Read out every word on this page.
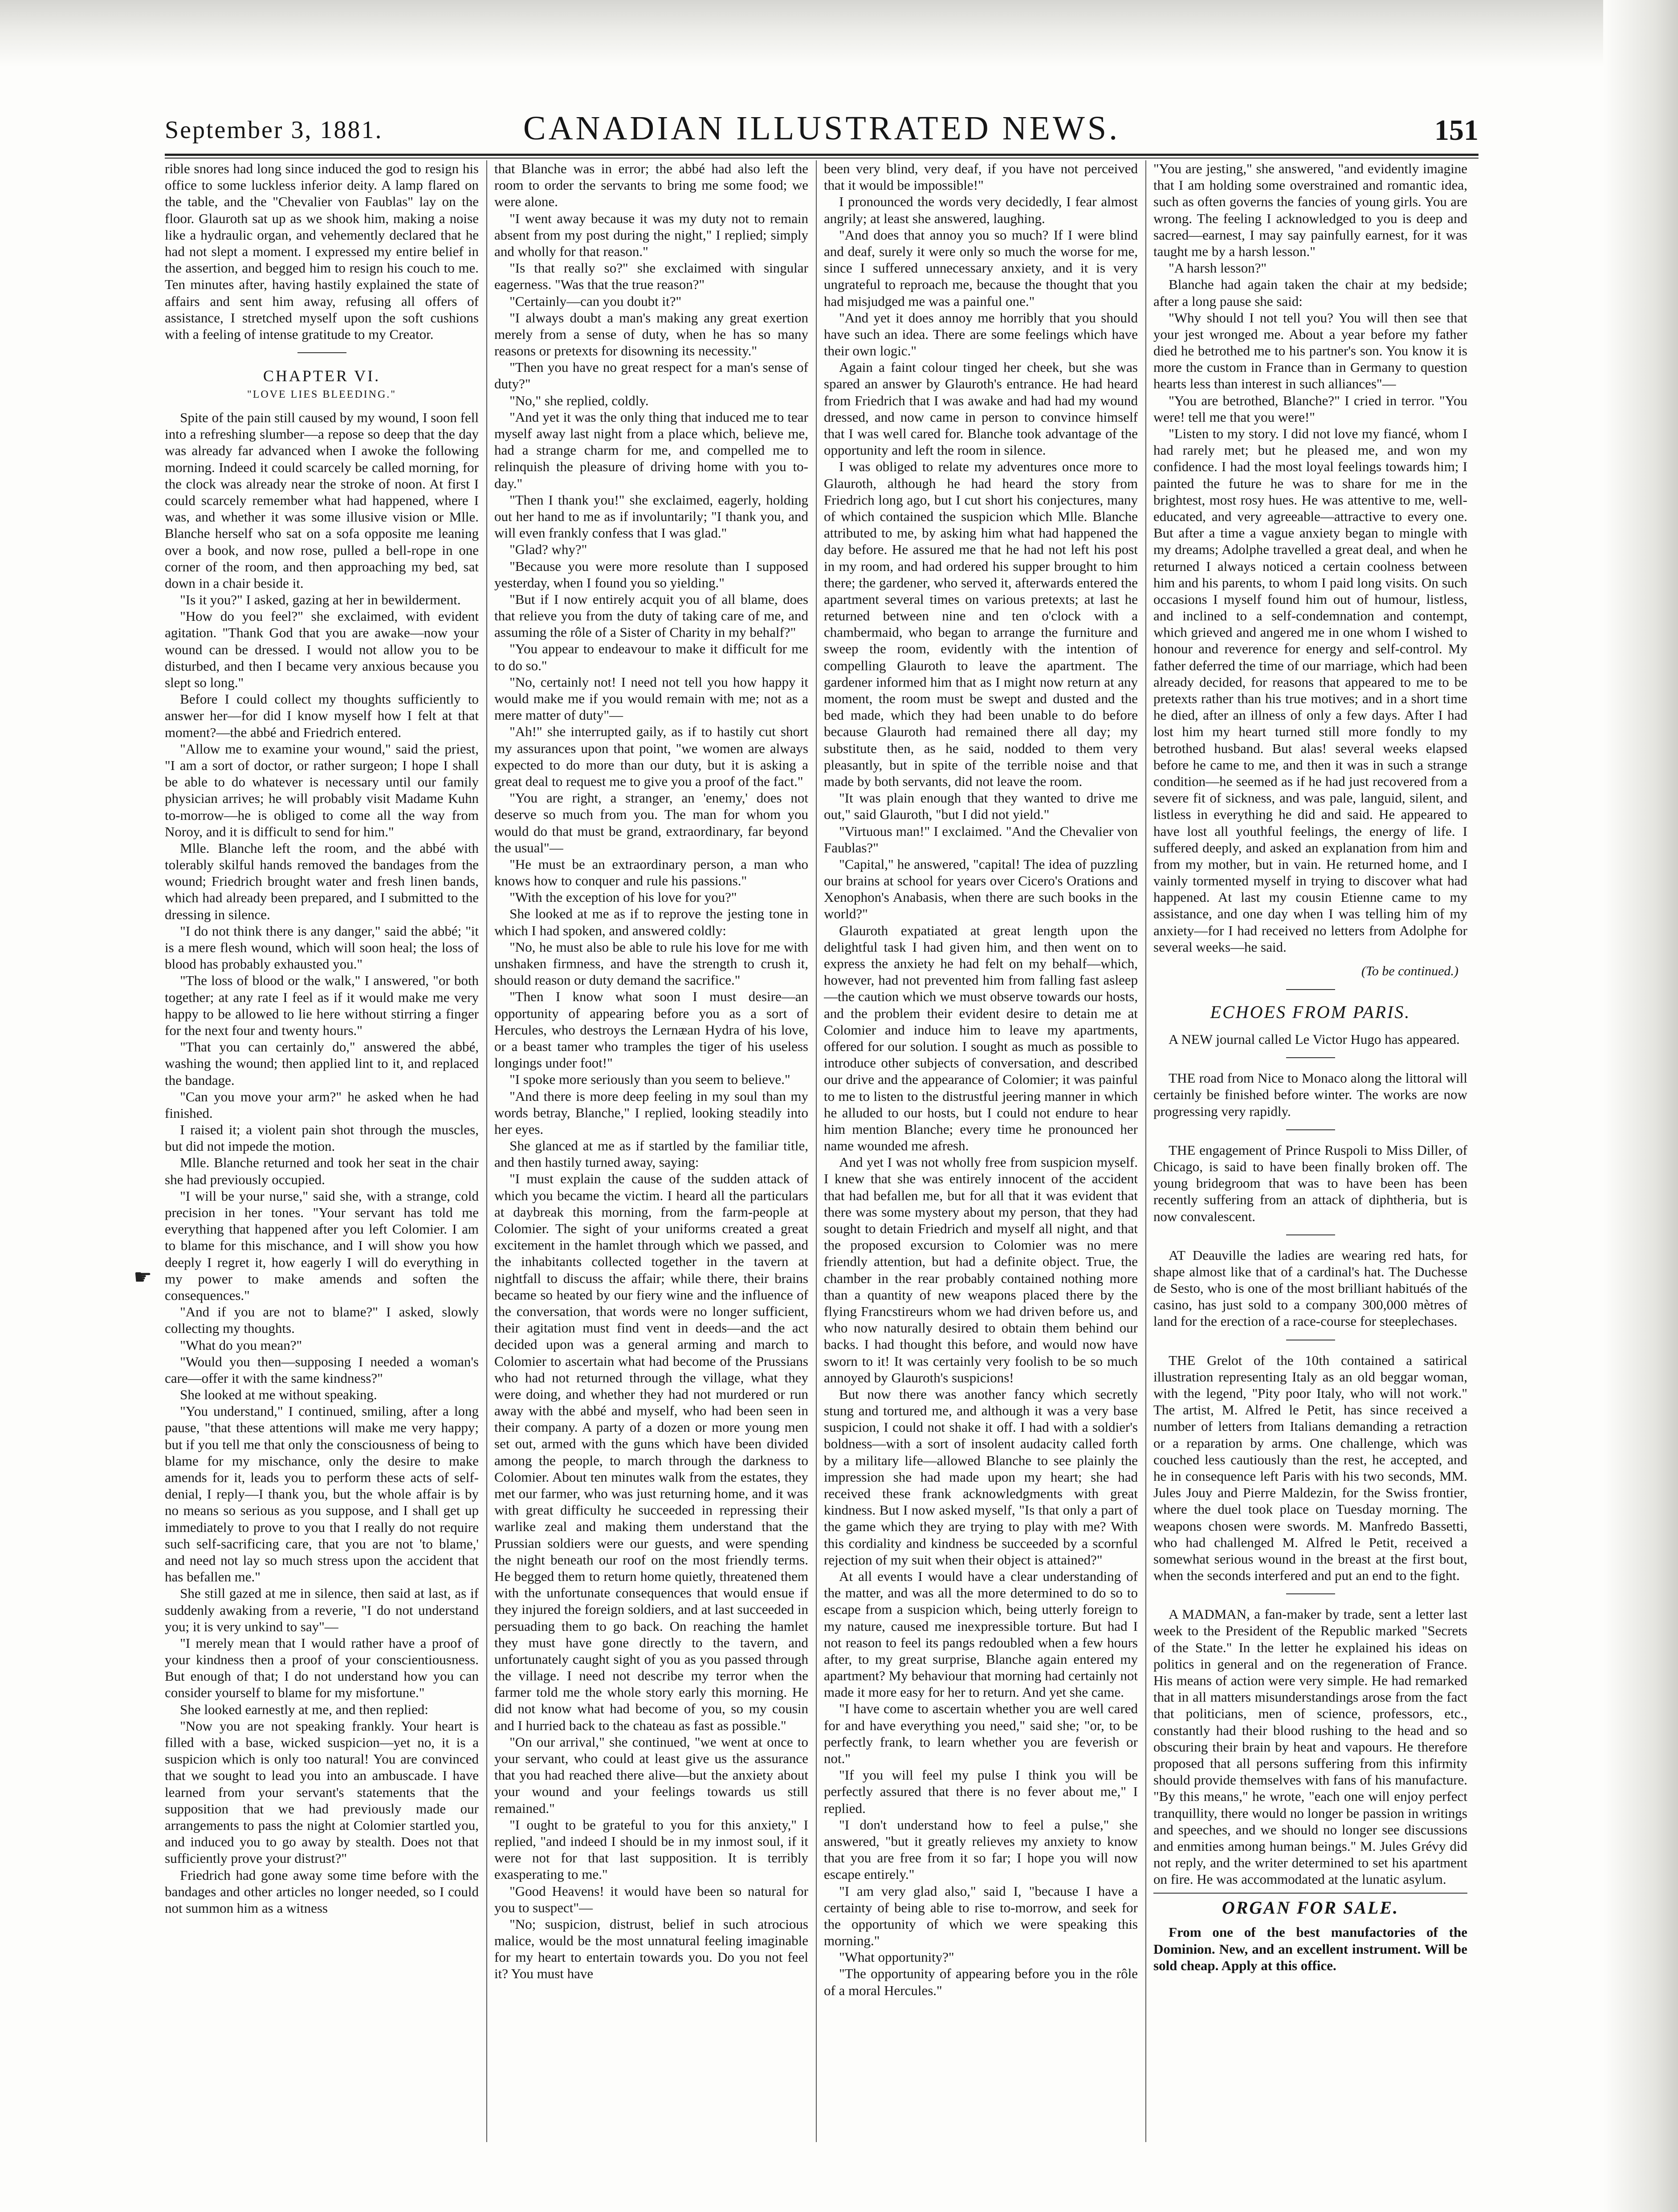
September 3, 1881.	CANADIAN ILLUSTRATED NEWS.	151
☛

rible snores had long since induced the god to resign his office to some luckless inferior deity. A lamp flared on the table, and the "Chevalier von Faublas" lay on the floor. Glauroth sat up as we shook him, making a noise like a hydraulic organ, and vehemently declared that he had not slept a moment. I expressed my entire belief in the assertion, and begged him to resign his couch to me. Ten minutes after, having hastily explained the state of affairs and sent him away, refusing all offers of assistance, I stretched myself upon the soft cushions with a feeling of intense gratitude to my Creator.

CHAPTER VI.
"LOVE LIES BLEEDING."

Spite of the pain still caused by my wound, I soon fell into a refreshing slumber—a repose so deep that the day was already far advanced when I awoke the following morning. Indeed it could scarcely be called morning, for the clock was already near the stroke of noon. At first I could scarcely remember what had happened, where I was, and whether it was some illusive vision or Mlle. Blanche herself who sat on a sofa opposite me leaning over a book, and now rose, pulled a bell-rope in one corner of the room, and then approaching my bed, sat down in a chair beside it.

"Is it you?" I asked, gazing at her in bewilderment.

"How do you feel?" she exclaimed, with evident agitation. "Thank God that you are awake—now your wound can be dressed. I would not allow you to be disturbed, and then I became very anxious because you slept so long."

Before I could collect my thoughts sufficiently to answer her—for did I know myself how I felt at that moment?—the abbé and Friedrich entered.

"Allow me to examine your wound," said the priest, "I am a sort of doctor, or rather surgeon; I hope I shall be able to do whatever is necessary until our family physician arrives; he will probably visit Madame Kuhn to-morrow—he is obliged to come all the way from Noroy, and it is difficult to send for him."

Mlle. Blanche left the room, and the abbé with tolerably skilful hands removed the bandages from the wound; Friedrich brought water and fresh linen bands, which had already been prepared, and I submitted to the dressing in silence.

"I do not think there is any danger," said the abbé; "it is a mere flesh wound, which will soon heal; the loss of blood has probably exhausted you."

"The loss of blood or the walk," I answered, "or both together; at any rate I feel as if it would make me very happy to be allowed to lie here without stirring a finger for the next four and twenty hours."

"That you can certainly do," answered the abbé, washing the wound; then applied lint to it, and replaced the bandage.

"Can you move your arm?" he asked when he had finished.

I raised it; a violent pain shot through the muscles, but did not impede the motion.

Mlle. Blanche returned and took her seat in the chair she had previously occupied.

"I will be your nurse," said she, with a strange, cold precision in her tones. "Your servant has told me everything that happened after you left Colomier. I am to blame for this mischance, and I will show you how deeply I regret it, how eagerly I will do everything in my power to make amends and soften the consequences."

"And if you are not to blame?" I asked, slowly collecting my thoughts.

"What do you mean?"

"Would you then—supposing I needed a woman's care—offer it with the same kindness?"

She looked at me without speaking.

"You understand," I continued, smiling, after a long pause, "that these attentions will make me very happy; but if you tell me that only the consciousness of being to blame for my mischance, only the desire to make amends for it, leads you to perform these acts of self-denial, I reply—I thank you, but the whole affair is by no means so serious as you suppose, and I shall get up immediately to prove to you that I really do not require such self-sacrificing care, that you are not 'to blame,' and need not lay so much stress upon the accident that has befallen me."

She still gazed at me in silence, then said at last, as if suddenly awaking from a reverie, "I do not understand you; it is very unkind to say"—

"I merely mean that I would rather have a proof of your kindness then a proof of your conscientiousness. But enough of that; I do not understand how you can consider yourself to blame for my misfortune."

She looked earnestly at me, and then replied:

"Now you are not speaking frankly. Your heart is filled with a base, wicked suspicion—yet no, it is a suspicion which is only too natural! You are convinced that we sought to lead you into an ambuscade. I have learned from your servant's statements that the supposition that we had previously made our arrangements to pass the night at Colomier startled you, and induced you to go away by stealth. Does not that sufficiently prove your distrust?"

Friedrich had gone away some time before with the bandages and other articles no longer needed, so I could not summon him as a witness

that Blanche was in error; the abbé had also left the room to order the servants to bring me some food; we were alone.

"I went away because it was my duty not to remain absent from my post during the night," I replied; simply and wholly for that reason."

"Is that really so?" she exclaimed with singular eagerness. "Was that the true reason?"

"Certainly—can you doubt it?"

"I always doubt a man's making any great exertion merely from a sense of duty, when he has so many reasons or pretexts for disowning its necessity."

"Then you have no great respect for a man's sense of duty?"

"No," she replied, coldly.

"And yet it was the only thing that induced me to tear myself away last night from a place which, believe me, had a strange charm for me, and compelled me to relinquish the pleasure of driving home with you to-day."

"Then I thank you!" she exclaimed, eagerly, holding out her hand to me as if involuntarily; "I thank you, and will even frankly confess that I was glad."

"Glad? why?"

"Because you were more resolute than I supposed yesterday, when I found you so yielding."

"But if I now entirely acquit you of all blame, does that relieve you from the duty of taking care of me, and assuming the rôle of a Sister of Charity in my behalf?"

"You appear to endeavour to make it difficult for me to do so."

"No, certainly not! I need not tell you how happy it would make me if you would remain with me; not as a mere matter of duty"—

"Ah!" she interrupted gaily, as if to hastily cut short my assurances upon that point, "we women are always expected to do more than our duty, but it is asking a great deal to request me to give you a proof of the fact."

"You are right, a stranger, an 'enemy,' does not deserve so much from you. The man for whom you would do that must be grand, extraordinary, far beyond the usual"—

"He must be an extraordinary person, a man who knows how to conquer and rule his passions."

"With the exception of his love for you?"

She looked at me as if to reprove the jesting tone in which I had spoken, and answered coldly:

"No, he must also be able to rule his love for me with unshaken firmness, and have the strength to crush it, should reason or duty demand the sacrifice."

"Then I know what soon I must desire—an opportunity of appearing before you as a sort of Hercules, who destroys the Lernæan Hydra of his love, or a beast tamer who tramples the tiger of his useless longings under foot!"

"I spoke more seriously than you seem to believe."

"And there is more deep feeling in my soul than my words betray, Blanche," I replied, looking steadily into her eyes.

She glanced at me as if startled by the familiar title, and then hastily turned away, saying:

"I must explain the cause of the sudden attack of which you became the victim. I heard all the particulars at daybreak this morning, from the farm-people at Colomier. The sight of your uniforms created a great excitement in the hamlet through which we passed, and the inhabitants collected together in the tavern at nightfall to discuss the affair; while there, their brains became so heated by our fiery wine and the influence of the conversation, that words were no longer sufficient, their agitation must find vent in deeds—and the act decided upon was a general arming and march to Colomier to ascertain what had become of the Prussians who had not returned through the village, what they were doing, and whether they had not murdered or run away with the abbé and myself, who had been seen in their company. A party of a dozen or more young men set out, armed with the guns which have been divided among the people, to march through the darkness to Colomier. About ten minutes walk from the estates, they met our farmer, who was just returning home, and it was with great difficulty he succeeded in repressing their warlike zeal and making them understand that the Prussian soldiers were our guests, and were spending the night beneath our roof on the most friendly terms. He begged them to return home quietly, threatened them with the unfortunate consequences that would ensue if they injured the foreign soldiers, and at last succeeded in persuading them to go back. On reaching the hamlet they must have gone directly to the tavern, and unfortunately caught sight of you as you passed through the village. I need not describe my terror when the farmer told me the whole story early this morning. He did not know what had become of you, so my cousin and I hurried back to the chateau as fast as possible."

"On our arrival," she continued, "we went at once to your servant, who could at least give us the assurance that you had reached there alive—but the anxiety about your wound and your feelings towards us still remained."

"I ought to be grateful to you for this anxiety," I replied, "and indeed I should be in my inmost soul, if it were not for that last supposition. It is terribly exasperating to me."

"Good Heavens! it would have been so natural for you to suspect"—

"No; suspicion, distrust, belief in such atrocious malice, would be the most unnatural feeling imaginable for my heart to entertain towards you. Do you not feel it? You must have

been very blind, very deaf, if you have not perceived that it would be impossible!"

I pronounced the words very decidedly, I fear almost angrily; at least she answered, laughing.

"And does that annoy you so much? If I were blind and deaf, surely it were only so much the worse for me, since I suffered unnecessary anxiety, and it is very ungrateful to reproach me, because the thought that you had misjudged me was a painful one."

"And yet it does annoy me horribly that you should have such an idea. There are some feelings which have their own logic."

Again a faint colour tinged her cheek, but she was spared an answer by Glauroth's entrance. He had heard from Friedrich that I was awake and had had my wound dressed, and now came in person to convince himself that I was well cared for. Blanche took advantage of the opportunity and left the room in silence.

I was obliged to relate my adventures once more to Glauroth, although he had heard the story from Friedrich long ago, but I cut short his conjectures, many of which contained the suspicion which Mlle. Blanche attributed to me, by asking him what had happened the day before. He assured me that he had not left his post in my room, and had ordered his supper brought to him there; the gardener, who served it, afterwards entered the apartment several times on various pretexts; at last he returned between nine and ten o'clock with a chambermaid, who began to arrange the furniture and sweep the room, evidently with the intention of compelling Glauroth to leave the apartment. The gardener informed him that as I might now return at any moment, the room must be swept and dusted and the bed made, which they had been unable to do before because Glauroth had remained there all day; my substitute then, as he said, nodded to them very pleasantly, but in spite of the terrible noise and that made by both servants, did not leave the room.

"It was plain enough that they wanted to drive me out," said Glauroth, "but I did not yield."

"Virtuous man!" I exclaimed. "And the Chevalier von Faublas?"

"Capital," he answered, "capital! The idea of puzzling our brains at school for years over Cicero's Orations and Xenophon's Anabasis, when there are such books in the world?"

Glauroth expatiated at great length upon the delightful task I had given him, and then went on to express the anxiety he had felt on my behalf—which, however, had not prevented him from falling fast asleep—the caution which we must observe towards our hosts, and the problem their evident desire to detain me at Colomier and induce him to leave my apartments, offered for our solution. I sought as much as possible to introduce other subjects of conversation, and described our drive and the appearance of Colomier; it was painful to me to listen to the distrustful jeering manner in which he alluded to our hosts, but I could not endure to hear him mention Blanche; every time he pronounced her name wounded me afresh.

And yet I was not wholly free from suspicion myself. I knew that she was entirely innocent of the accident that had befallen me, but for all that it was evident that there was some mystery about my person, that they had sought to detain Friedrich and myself all night, and that the proposed excursion to Colomier was no mere friendly attention, but had a definite object. True, the chamber in the rear probably contained nothing more than a quantity of new weapons placed there by the flying Francstireurs whom we had driven before us, and who now naturally desired to obtain them behind our backs. I had thought this before, and would now have sworn to it! It was certainly very foolish to be so much annoyed by Glauroth's suspicions!

But now there was another fancy which secretly stung and tortured me, and although it was a very base suspicion, I could not shake it off. I had with a soldier's boldness—with a sort of insolent audacity called forth by a military life—allowed Blanche to see plainly the impression she had made upon my heart; she had received these frank acknowledgments with great kindness. But I now asked myself, "Is that only a part of the game which they are trying to play with me? With this cordiality and kindness be succeeded by a scornful rejection of my suit when their object is attained?"

At all events I would have a clear understanding of the matter, and was all the more determined to do so to escape from a suspicion which, being utterly foreign to my nature, caused me inexpressible torture. But had I not reason to feel its pangs redoubled when a few hours after, to my great surprise, Blanche again entered my apartment? My behaviour that morning had certainly not made it more easy for her to return. And yet she came.

"I have come to ascertain whether you are well cared for and have everything you need," said she; "or, to be perfectly frank, to learn whether you are feverish or not."

"If you will feel my pulse I think you will be perfectly assured that there is no fever about me," I replied.

"I don't understand how to feel a pulse," she answered, "but it greatly relieves my anxiety to know that you are free from it so far; I hope you will now escape entirely."

"I am very glad also," said I, "because I have a certainty of being able to rise to-morrow, and seek for the opportunity of which we were speaking this morning."

"What opportunity?"

"The opportunity of appearing before you in the rôle of a moral Hercules."

"You are jesting," she answered, "and evidently imagine that I am holding some overstrained and romantic idea, such as often governs the fancies of young girls. You are wrong. The feeling I acknowledged to you is deep and sacred—earnest, I may say painfully earnest, for it was taught me by a harsh lesson."

"A harsh lesson?"

Blanche had again taken the chair at my bedside; after a long pause she said:

"Why should I not tell you? You will then see that your jest wronged me. About a year before my father died he betrothed me to his partner's son. You know it is more the custom in France than in Germany to question hearts less than interest in such alliances"—

"You are betrothed, Blanche?" I cried in terror. "You were! tell me that you were!"

"Listen to my story. I did not love my fiancé, whom I had rarely met; but he pleased me, and won my confidence. I had the most loyal feelings towards him; I painted the future he was to share for me in the brightest, most rosy hues. He was attentive to me, well-educated, and very agreeable—attractive to every one. But after a time a vague anxiety began to mingle with my dreams; Adolphe travelled a great deal, and when he returned I always noticed a certain coolness between him and his parents, to whom I paid long visits. On such occasions I myself found him out of humour, listless, and inclined to a self-condemnation and contempt, which grieved and angered me in one whom I wished to honour and reverence for energy and self-control. My father deferred the time of our marriage, which had been already decided, for reasons that appeared to me to be pretexts rather than his true motives; and in a short time he died, after an illness of only a few days. After I had lost him my heart turned still more fondly to my betrothed husband. But alas! several weeks elapsed before he came to me, and then it was in such a strange condition—he seemed as if he had just recovered from a severe fit of sickness, and was pale, languid, silent, and listless in everything he did and said. He appeared to have lost all youthful feelings, the energy of life. I suffered deeply, and asked an explanation from him and from my mother, but in vain. He returned home, and I vainly tormented myself in trying to discover what had happened. At last my cousin Etienne came to my assistance, and one day when I was telling him of my anxiety—for I had received no letters from Adolphe for several weeks—he said.

(To be continued.)
ECHOES FROM PARIS.

A NEW journal called Le Victor Hugo has appeared.

THE road from Nice to Monaco along the littoral will certainly be finished before winter. The works are now progressing very rapidly.

THE engagement of Prince Ruspoli to Miss Diller, of Chicago, is said to have been finally broken off. The young bridegroom that was to have been has been recently suffering from an attack of diphtheria, but is now convalescent.

AT Deauville the ladies are wearing red hats, for shape almost like that of a cardinal's hat. The Duchesse de Sesto, who is one of the most brilliant habitués of the casino, has just sold to a company 300,000 mètres of land for the erection of a race-course for steeplechases.

THE Grelot of the 10th contained a satirical illustration representing Italy as an old beggar woman, with the legend, "Pity poor Italy, who will not work." The artist, M. Alfred le Petit, has since received a number of letters from Italians demanding a retraction or a reparation by arms. One challenge, which was couched less cautiously than the rest, he accepted, and he in consequence left Paris with his two seconds, MM. Jules Jouy and Pierre Maldezin, for the Swiss frontier, where the duel took place on Tuesday morning. The weapons chosen were swords. M. Manfredo Bassetti, who had challenged M. Alfred le Petit, received a somewhat serious wound in the breast at the first bout, when the seconds interfered and put an end to the fight.

A MADMAN, a fan-maker by trade, sent a letter last week to the President of the Republic marked "Secrets of the State." In the letter he explained his ideas on politics in general and on the regeneration of France. His means of action were very simple. He had remarked that in all matters misunderstandings arose from the fact that politicians, men of science, professors, etc., constantly had their blood rushing to the head and so obscuring their brain by heat and vapours. He therefore proposed that all persons suffering from this infirmity should provide themselves with fans of his manufacture. "By this means," he wrote, "each one will enjoy perfect tranquillity, there would no longer be passion in writings and speeches, and we should no longer see discussions and enmities among human beings." M. Jules Grévy did not reply, and the writer determined to set his apartment on fire. He was accommodated at the lunatic asylum.

ORGAN FOR SALE.

From one of the best manufactories of the Dominion. New, and an excellent instrument. Will be sold cheap. Apply at this office.
